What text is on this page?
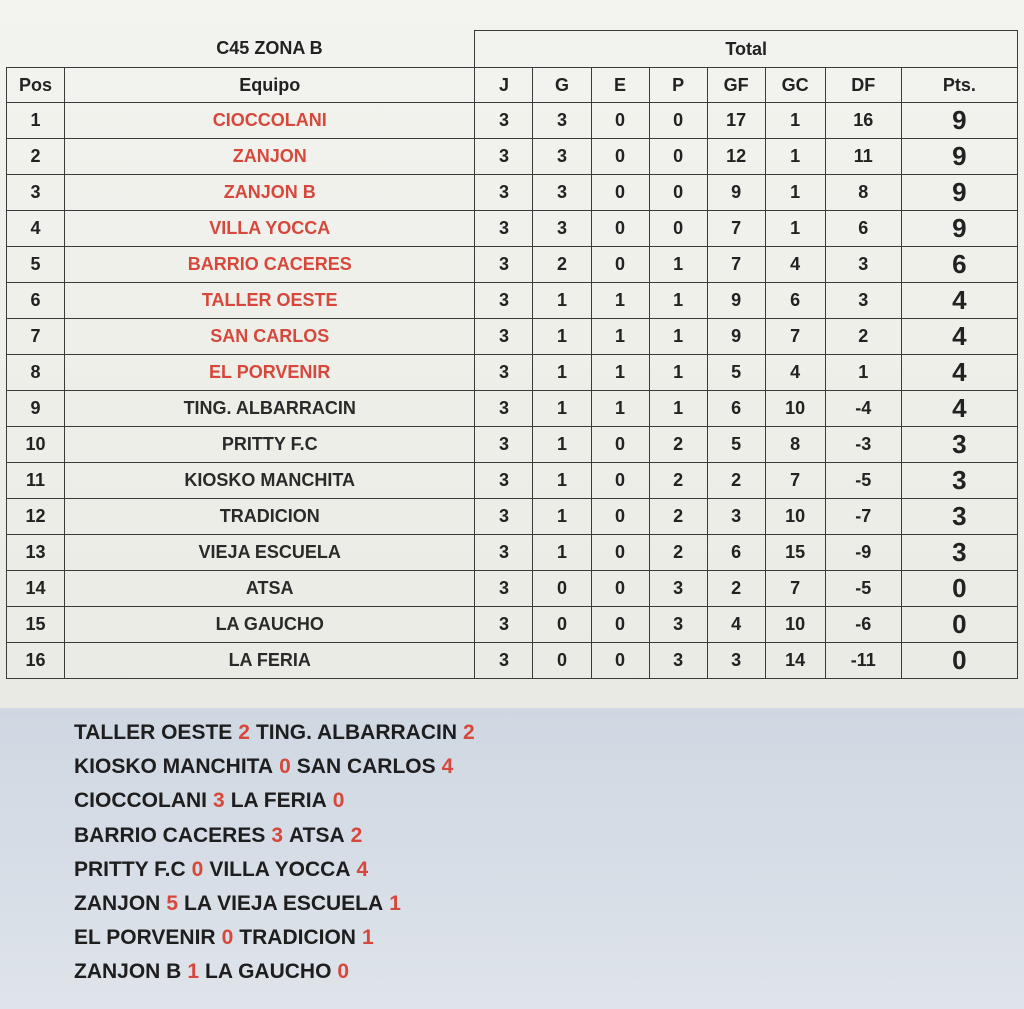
	C45 ZONA B	Total							
Pos	Equipo	J	G	E	P	GF	GC	DF	Pts.
1	CIOCCOLANI	3	3	0	0	17	1	16	9
2	ZANJON	3	3	0	0	12	1	11	9
3	ZANJON B	3	3	0	0	9	1	8	9
4	VILLA YOCCA	3	3	0	0	7	1	6	9
5	BARRIO CACERES	3	2	0	1	7	4	3	6
6	TALLER OESTE	3	1	1	1	9	6	3	4
7	SAN CARLOS	3	1	1	1	9	7	2	4
8	EL PORVENIR	3	1	1	1	5	4	1	4
9	TING. ALBARRACIN	3	1	1	1	6	10	-4	4
10	PRITTY F.C	3	1	0	2	5	8	-3	3
11	KIOSKO MANCHITA	3	1	0	2	2	7	-5	3
12	TRADICION	3	1	0	2	3	10	-7	3
13	VIEJA ESCUELA	3	1	0	2	6	15	-9	3
14	ATSA	3	0	0	3	2	7	-5	0
15	LA GAUCHO	3	0	0	3	4	10	-6	0
16	LA FERIA	3	0	0	3	3	14	-11	0
TALLER OESTE 2 TING. ALBARRACIN 2
KIOSKO MANCHITA 0 SAN CARLOS 4
CIOCCOLANI 3 LA FERIA 0
BARRIO CACERES 3 ATSA 2
PRITTY F.C 0 VILLA YOCCA 4
ZANJON 5 LA VIEJA ESCUELA 1
EL PORVENIR 0 TRADICION 1
ZANJON B 1 LA GAUCHO 0
